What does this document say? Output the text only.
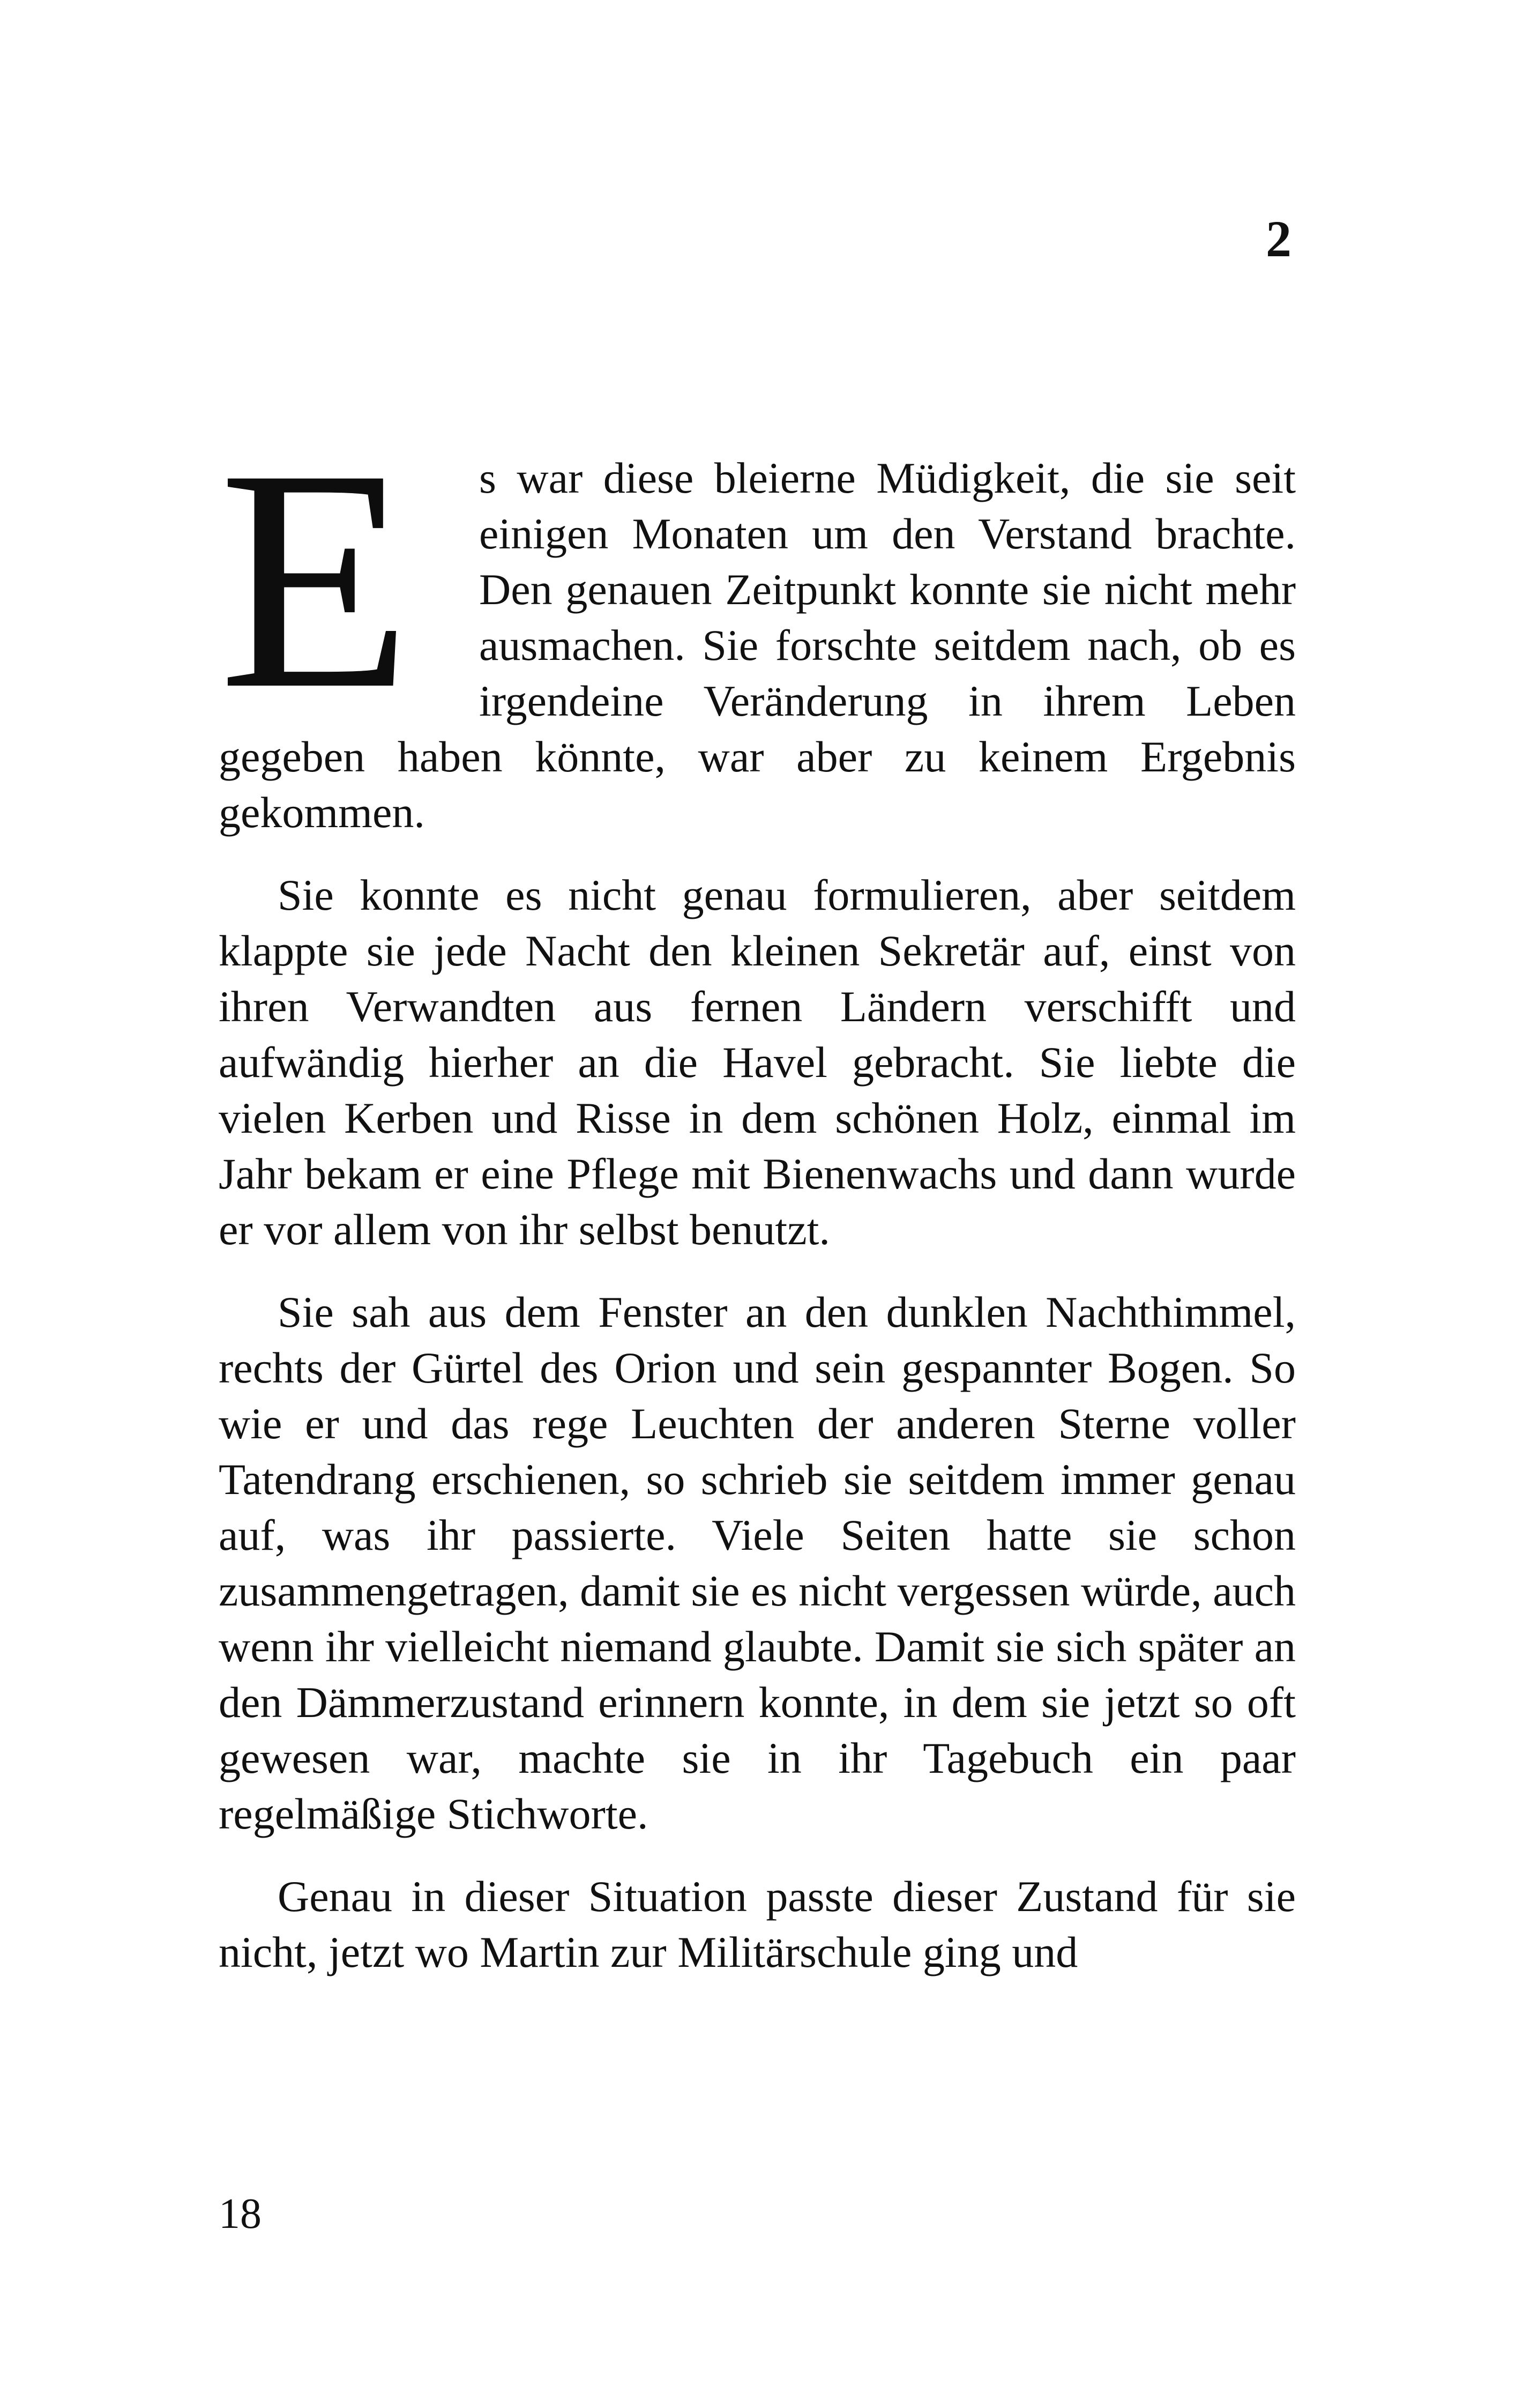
2

E	s war diese bleierne Müdigkeit, die sie seit einigen Monaten um den Verstand brachte. Den genauen Zeitpunkt konnte sie nicht mehr ausmachen. Sie forschte seitdem nach, ob es irgendeine Veränderung in ihrem Leben gegeben haben könnte, war aber zu keinem Ergebnis gekommen.

Sie konnte es nicht genau formulieren, aber seitdem klappte sie jede Nacht den kleinen Sekretär auf, einst von ihren Verwandten aus fernen Ländern verschifft und aufwändig hierher an die Havel gebracht. Sie liebte die vielen Kerben und Risse in dem schönen Holz, einmal im Jahr bekam er eine Pflege mit Bienenwachs und dann wurde er vor allem von ihr selbst benutzt.

Sie sah aus dem Fenster an den dunklen Nachthimmel, rechts der Gürtel des Orion und sein gespannter Bogen. So wie er und das rege Leuchten der anderen Sterne voller Tatendrang erschienen, so schrieb sie seitdem immer genau auf, was ihr passierte. Viele Seiten hatte sie schon zusammengetragen, damit sie es nicht vergessen würde, auch wenn ihr vielleicht niemand glaubte. Damit sie sich später an den Dämmerzustand erinnern konnte, in dem sie jetzt so oft gewesen war, machte sie in ihr Tagebuch ein paar regelmäßige Stichworte.

Genau in dieser Situation passte dieser Zustand für sie nicht, jetzt wo Martin zur Militärschule ging und

18
